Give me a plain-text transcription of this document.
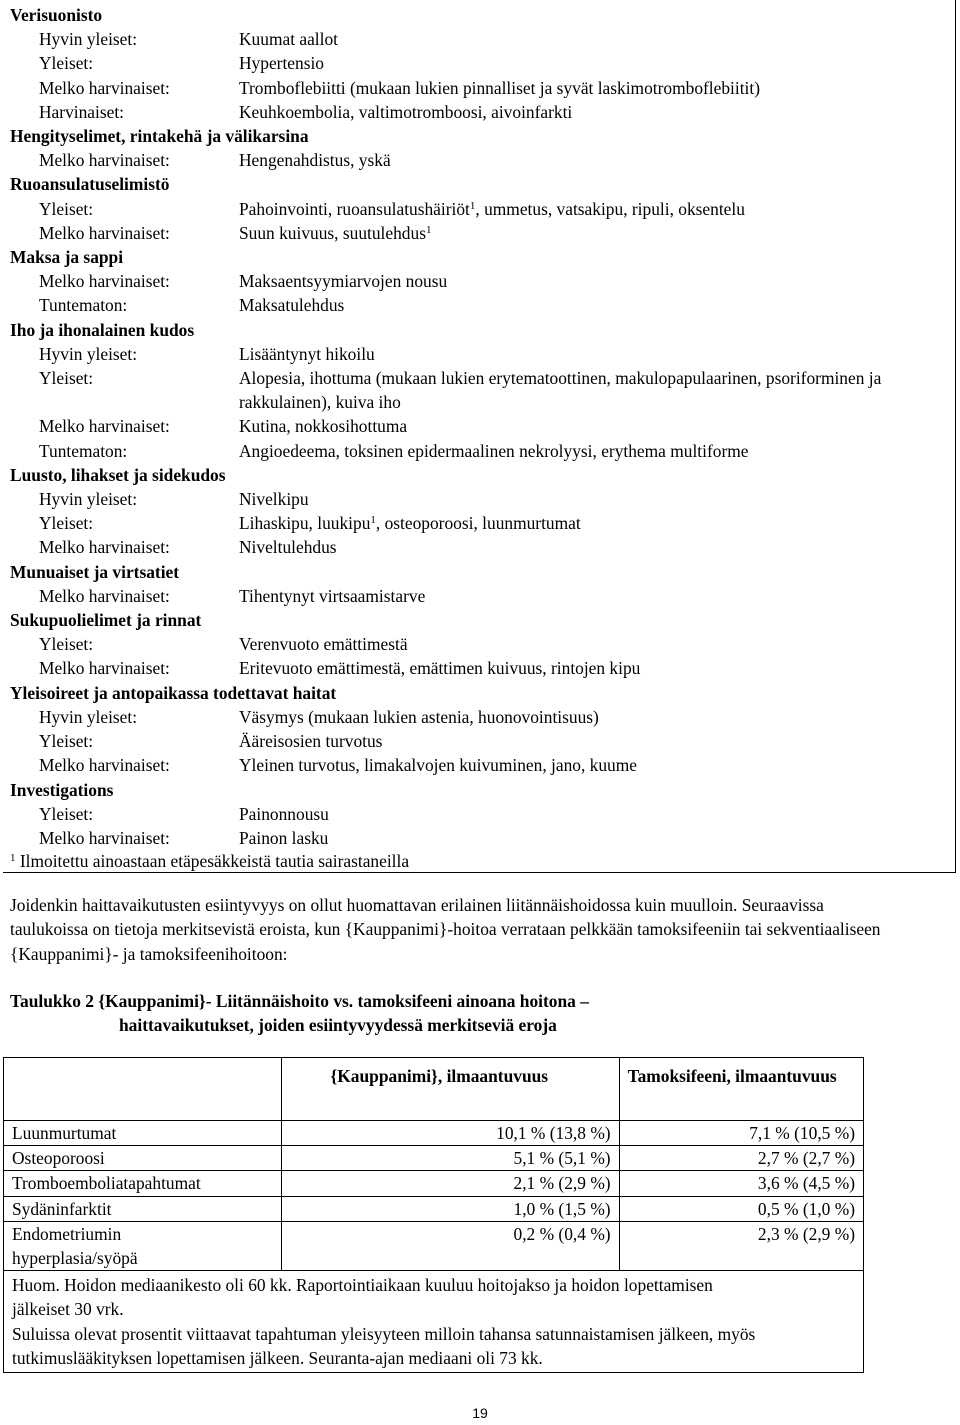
Verisuonisto
Hyvin yleiset:	Kuumat aallot
Yleiset:	Hypertensio
Melko harvinaiset:	Tromboflebiitti (mukaan lukien pinnalliset ja syvät laskimotromboflebiitit)
Harvinaiset:	Keuhkoembolia, valtimotromboosi, aivoinfarkti
Hengityselimet, rintakehä ja välikarsina
Melko harvinaiset:	Hengenahdistus, yskä
Ruoansulatuselimistö
Yleiset:	Pahoinvointi, ruoansulatushäiriöt$^1$, ummetus, vatsakipu, ripuli, oksentelu
Melko harvinaiset:	Suun kuivuus, suutulehdus$^1$
Maksa ja sappi
Melko harvinaiset:	Maksaentsyymiarvojen nousu
Tuntematon:	Maksatulehdus
Iho ja ihonalainen kudos
Hyvin yleiset:	Lisääntynyt hikoilu
Yleiset:	Alopesia, ihottuma (mukaan lukien erytematoottinen, makulopapulaarinen, psoriforminen ja rakkulainen), kuiva iho
Melko harvinaiset:	Kutina, nokkosihottuma
Tuntematon:	Angioedeema, toksinen epidermaalinen nekrolyysi, erythema multiforme
Luusto, lihakset ja sidekudos
Hyvin yleiset:	Nivelkipu
Yleiset:	Lihaskipu, luukipu$^1$, osteoporoosi, luunmurtumat
Melko harvinaiset:	Niveltulehdus
Munuaiset ja virtsatiet
Melko harvinaiset:	Tihentynyt virtsaamistarve
Sukupuolielimet ja rinnat
Yleiset:	Verenvuoto emättimestä
Melko harvinaiset:	Eritevuoto emättimestä, emättimen kuivuus, rintojen kipu
Yleisoireet ja antopaikassa todettavat haitat
Hyvin yleiset:	Väsymys (mukaan lukien astenia, huonovointisuus)
Yleiset:	Ääreisosien turvotus
Melko harvinaiset:	Yleinen turvotus, limakalvojen kuivuminen, jano, kuume
Investigations
Yleiset:	Painonnousu
Melko harvinaiset:	Painon lasku
$^1$ Ilmoitettu ainoastaan etäpesäkkeistä tautia sairastaneilla
Joidenkin haittavaikutusten esiintyvyys on ollut huomattavan erilainen liitännäishoidossa kuin muulloin. Seuraavissa taulukoissa on tietoja merkitsevistä eroista, kun {Kauppanimi}-hoitoa verrataan pelkkään tamoksifeeniin tai sekventiaaliseen {Kauppanimi}- ja tamoksifeenihoitoon:
Taulukko 2 {Kauppanimi}- Liitännäishoito vs. tamoksifeeni ainoana hoitona –
haittavaikutukset, joiden esiintyvyydessä merkitseviä eroja
	{Kauppanimi}, ilmaantuvuus	Tamoksifeeni, ilmaantuvuus
Luunmurtumat	10,1 % (13,8 %)	7,1 % (10,5 %)
Osteoporoosi	5,1 % (5,1 %)	2,7 % (2,7 %)
Tromboemboliatapahtumat	2,1 % (2,9 %)	3,6 % (4,5 %)
Sydäninfarktit	1,0 % (1,5 %)	0,5 % (1,0 %)
Endometriumin hyperplasia/syöpä	0,2 % (0,4 %)	2,3 % (2,9 %)

Huom. Hoidon mediaanikesto oli 60 kk. Raportointiaikaan kuuluu hoitojakso ja hoidon lopettamisen jälkeiset 30 vrk.
Suluissa olevat prosentit viittaavat tapahtuman yleisyyteen milloin tahansa satunnaistamisen jälkeen, myös tutkimuslääkityksen lopettamisen jälkeen. Seuranta-ajan mediaani oli 73 kk.		
19
